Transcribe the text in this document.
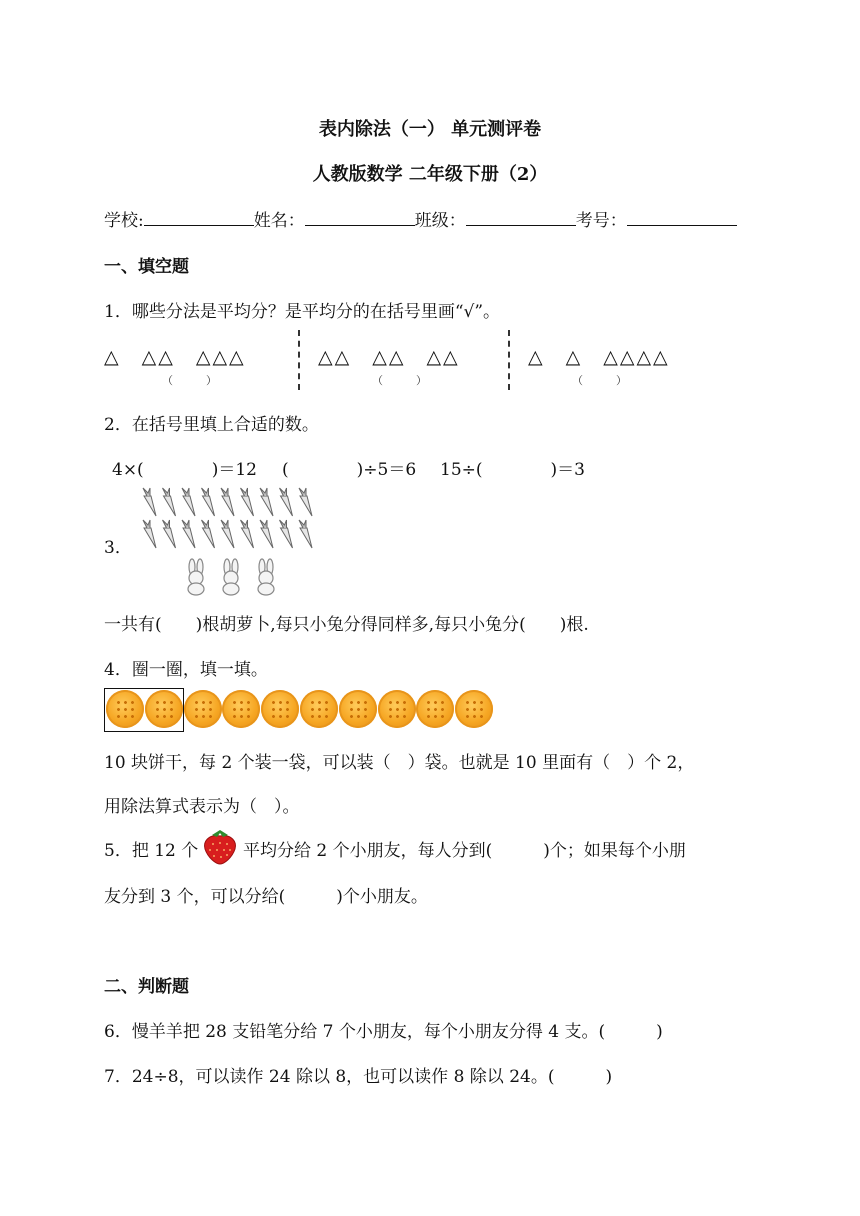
表内除法（一） 单元测评卷
人教版数学 二年级下册（2）
学校:	姓名：	班级：	考号：
一、填空题
1．哪些分法是平均分？是平均分的在括号里画“√”。
△　△△　△△△
（　　　）
△△　△△　△△
（　　　）
△　△　△△△△
（　　　）
2．在括号里填上合适的数。
4×(　　　　)＝12 (　　　　)÷5＝6 15÷(　　　　)＝3
3．
一共有(　　)根胡萝卜,每只小兔分得同样多,每只小兔分(　　)根.
4．圈一圈，填一填。
10 块饼干，每 2 个装一袋，可以装（　）袋。也就是 10 里面有（　）个 2，
用除法算式表示为（　）。
5．把 12 个	平均分给 2 个小朋友，每人分到(　　　)个；如果每个小朋
友分到 3 个，可以分给(　　　)个小朋友。
二、判断题
6．慢羊羊把 28 支铅笔分给 7 个小朋友，每个小朋友分得 4 支。(　　　)
7．24÷8，可以读作 24 除以 8，也可以读作 8 除以 24。(　　　)
